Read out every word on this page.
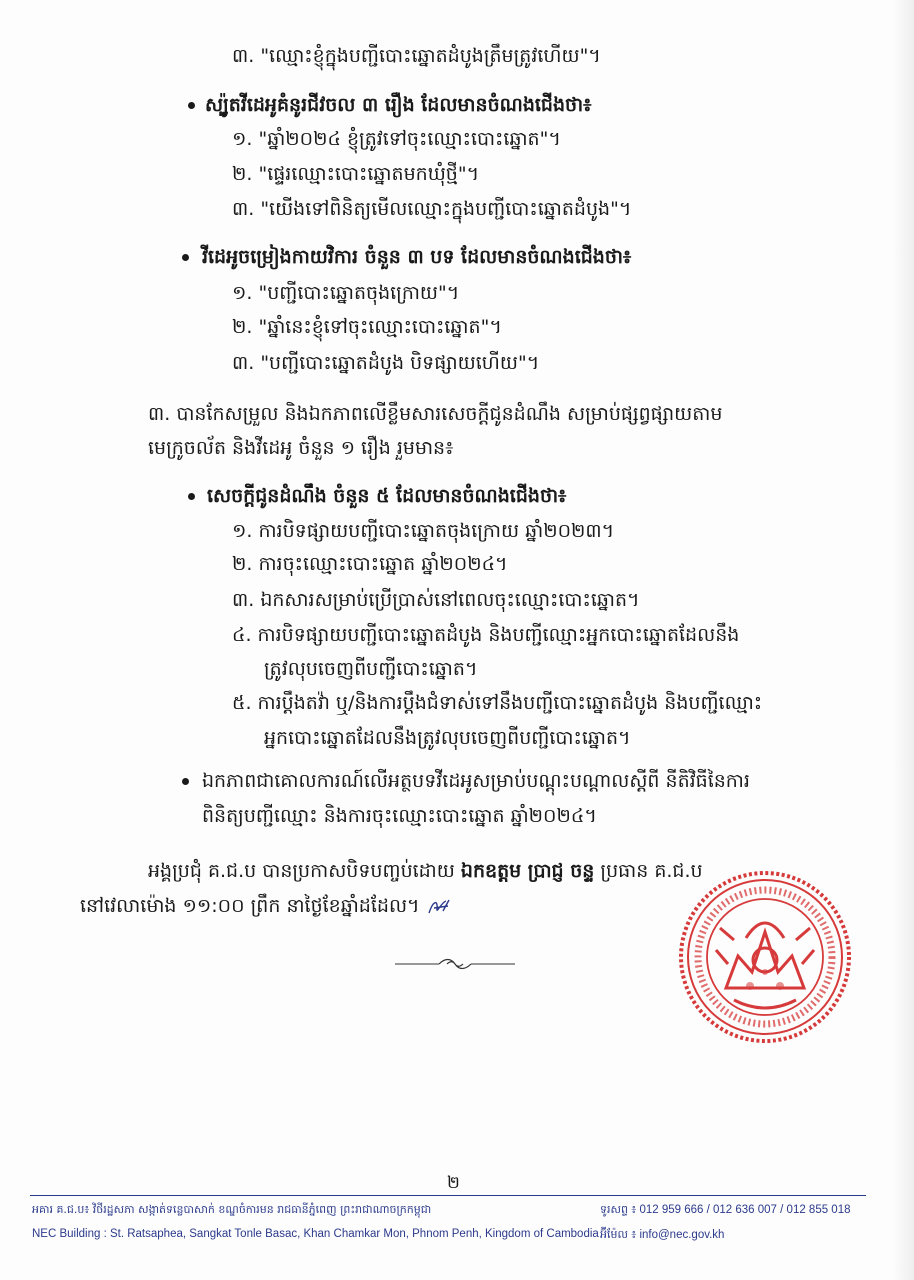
៣. "ឈ្មោះខ្ញុំក្នុងបញ្ជីបោះឆ្នោតដំបូងត្រឹមត្រូវហើយ"។
ស្ប៉ូតវីដេអូគំនូរជីវចល ៣ រឿង ដែលមានចំណងជើងថា៖
១. "ឆ្នាំ២០២៤ ខ្ញុំត្រូវទៅចុះឈ្មោះបោះឆ្នោត"។
២. "ផ្ទេរឈ្មោះបោះឆ្នោតមកឃុំថ្មី"។
៣. "យើងទៅពិនិត្យមើលឈ្មោះក្នុងបញ្ជីបោះឆ្នោតដំបូង"។
វីដេអូចម្រៀងកាយវិការ ចំនួន ៣ បទ ដែលមានចំណងជើងថា៖
១. "បញ្ជីបោះឆ្នោតចុងក្រោយ"។
២. "ឆ្នាំនេះខ្ញុំទៅចុះឈ្មោះបោះឆ្នោត"។
៣. "បញ្ជីបោះឆ្នោតដំបូង បិទផ្សាយហើយ"។
៣. បានកែសម្រួល និងឯកភាពលើខ្លឹមសារសេចក្តីជូនដំណឹង សម្រាប់ផ្សព្វផ្សាយតាម
មេក្រូចល័ត និងវីដេអូ ចំនួន ១ រឿង រួមមាន៖
សេចក្តីជូនដំណឹង ចំនួន ៥ ដែលមានចំណងជើងថា៖
១. ការបិទផ្សាយបញ្ជីបោះឆ្នោតចុងក្រោយ ឆ្នាំ២០២៣។
២. ការចុះឈ្មោះបោះឆ្នោត ឆ្នាំ២០២៤។
៣. ឯកសារសម្រាប់ប្រើប្រាស់នៅពេលចុះឈ្មោះបោះឆ្នោត។
៤. ការបិទផ្សាយបញ្ជីបោះឆ្នោតដំបូង និងបញ្ជីឈ្មោះអ្នកបោះឆ្នោតដែលនឹង
ត្រូវលុបចេញពីបញ្ជីបោះឆ្នោត។
៥. ការប្តឹងតវ៉ា ឬ/និងការប្តឹងជំទាស់ទៅនឹងបញ្ជីបោះឆ្នោតដំបូង និងបញ្ជីឈ្មោះ
អ្នកបោះឆ្នោតដែលនឹងត្រូវលុបចេញពីបញ្ជីបោះឆ្នោត។
ឯកភាពជាគោលការណ៍លើអត្ថបទវីដេអូសម្រាប់បណ្តុះបណ្តាលស្តីពី នីតិវិធីនៃការ
ពិនិត្យបញ្ជីឈ្មោះ និងការចុះឈ្មោះបោះឆ្នោត ឆ្នាំ២០២៤។
អង្គប្រជុំ គ.ជ.ប បានប្រកាសបិទបញ្ចប់ដោយ ឯកឧត្តម ប្រាជ្ញ ចន្ទ ប្រធាន គ.ជ.ប
នៅវេលាម៉ោង ១១:០០ ព្រឹក នាថ្ងៃខែឆ្នាំដដែល។
២
អគារ គ.ជ.ប៖ វិថីរដ្ឋសភា សង្កាត់ទន្លេបាសាក់ ខណ្ឌចំការមន រាជធានីភ្នំពេញ ព្រះរាជាណាចក្រកម្ពុជា
NEC Building : St. Ratsaphea, Sangkat Tonle Basac, Khan Chamkar Mon, Phnom Penh, Kingdom of Cambodia
ទូរសព្ទ ៖ 012 959 666 / 012 636 007 / 012 855 018
អ៊ីម៉ែល ៖ info@nec.gov.kh
